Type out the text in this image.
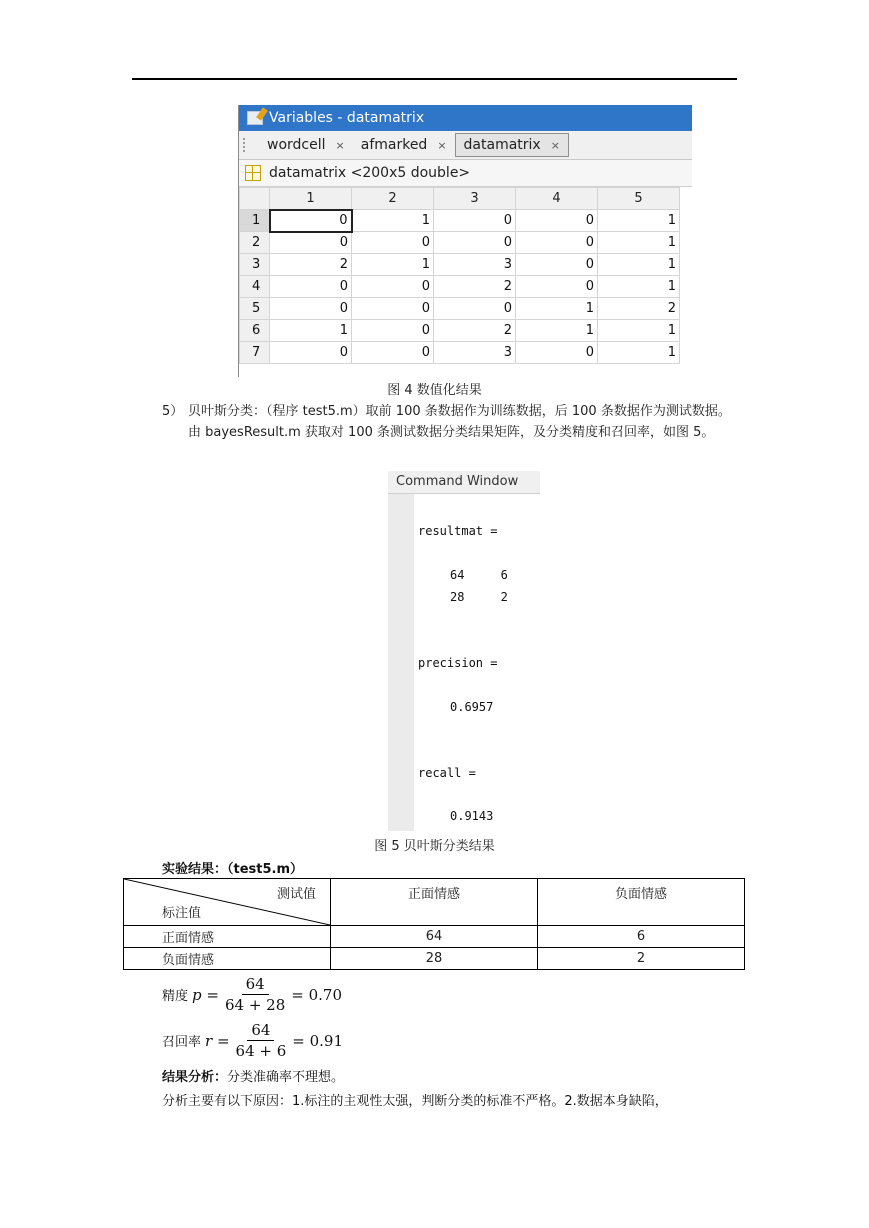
Variables - datamatrix
wordcell × afmarked × datamatrix ×
datamatrix <200x5 double>
	1	2	3	4	5
1	0	1	0	0	1
2	0	0	0	0	1
3	2	1	3	0	1
4	0	0	2	0	1
5	0	0	0	1	2
6	1	0	2	1	1
7	0	0	3	0	1
图 4 数值化结果
5） 贝叶斯分类：（程序 test5.m）取前 100 条数据作为训练数据，后 100 条数据作为测试数据。由 bayesResult.m 获取对 100 条测试数据分类结果矩阵，及分类精度和召回率，如图 5。
Command Window
resultmat =
64     6
28     2
precision =
0.6957
recall =
0.9143
图 5 贝叶斯分类结果
实验结果：（test5.m）
测试值
标注值	正面情感	负面情感
正面情感	64	6
负面情感	28	2
精度 $p = \frac{64}{64 + 28} = 0.70$
召回率 $r = \frac{64}{64 + 6} = 0.91$
结果分析：分类准确率不理想。
分析主要有以下原因：1.标注的主观性太强，判断分类的标准不严格。2.数据本身缺陷，
